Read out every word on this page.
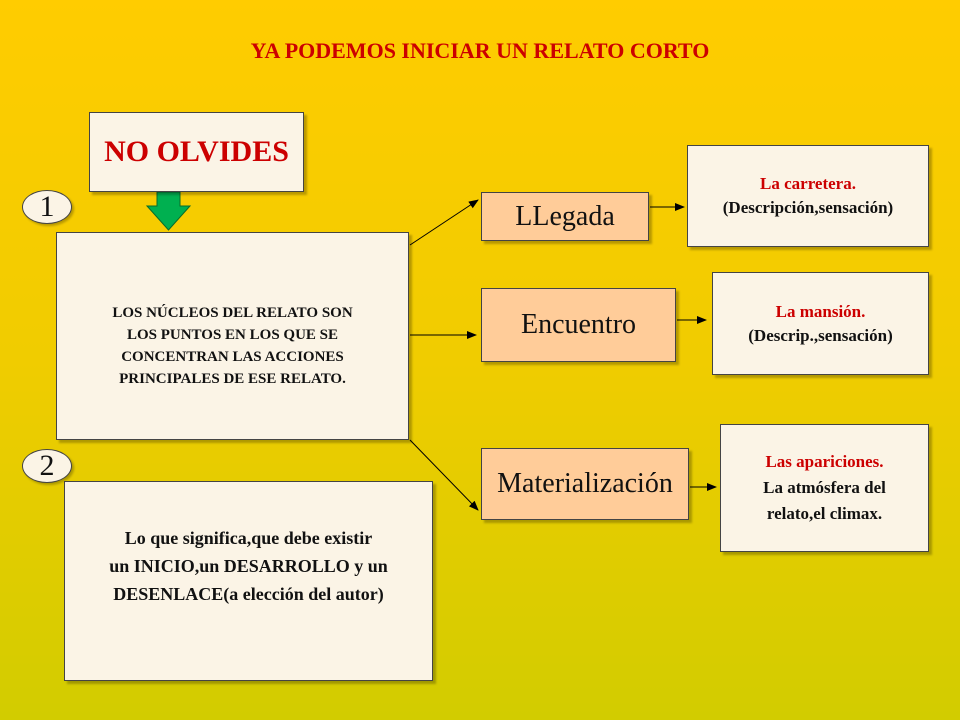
YA PODEMOS INICIAR UN RELATO CORTO
NO OLVIDES
1
LOS NÚCLEOS DEL RELATO SON
LOS PUNTOS EN LOS QUE SE
CONCENTRAN LAS ACCIONES
PRINCIPALES DE ESE RELATO.
2
Lo que significa,que debe existir
un INICIO,un DESARROLLO y un
DESENLACE(a elección del autor)
LLegada
Encuentro
Materialización
La carretera.
(Descripción,sensación)
La mansión.
(Descrip.,sensación)
Las apariciones.
La atmósfera del
relato,el climax.
